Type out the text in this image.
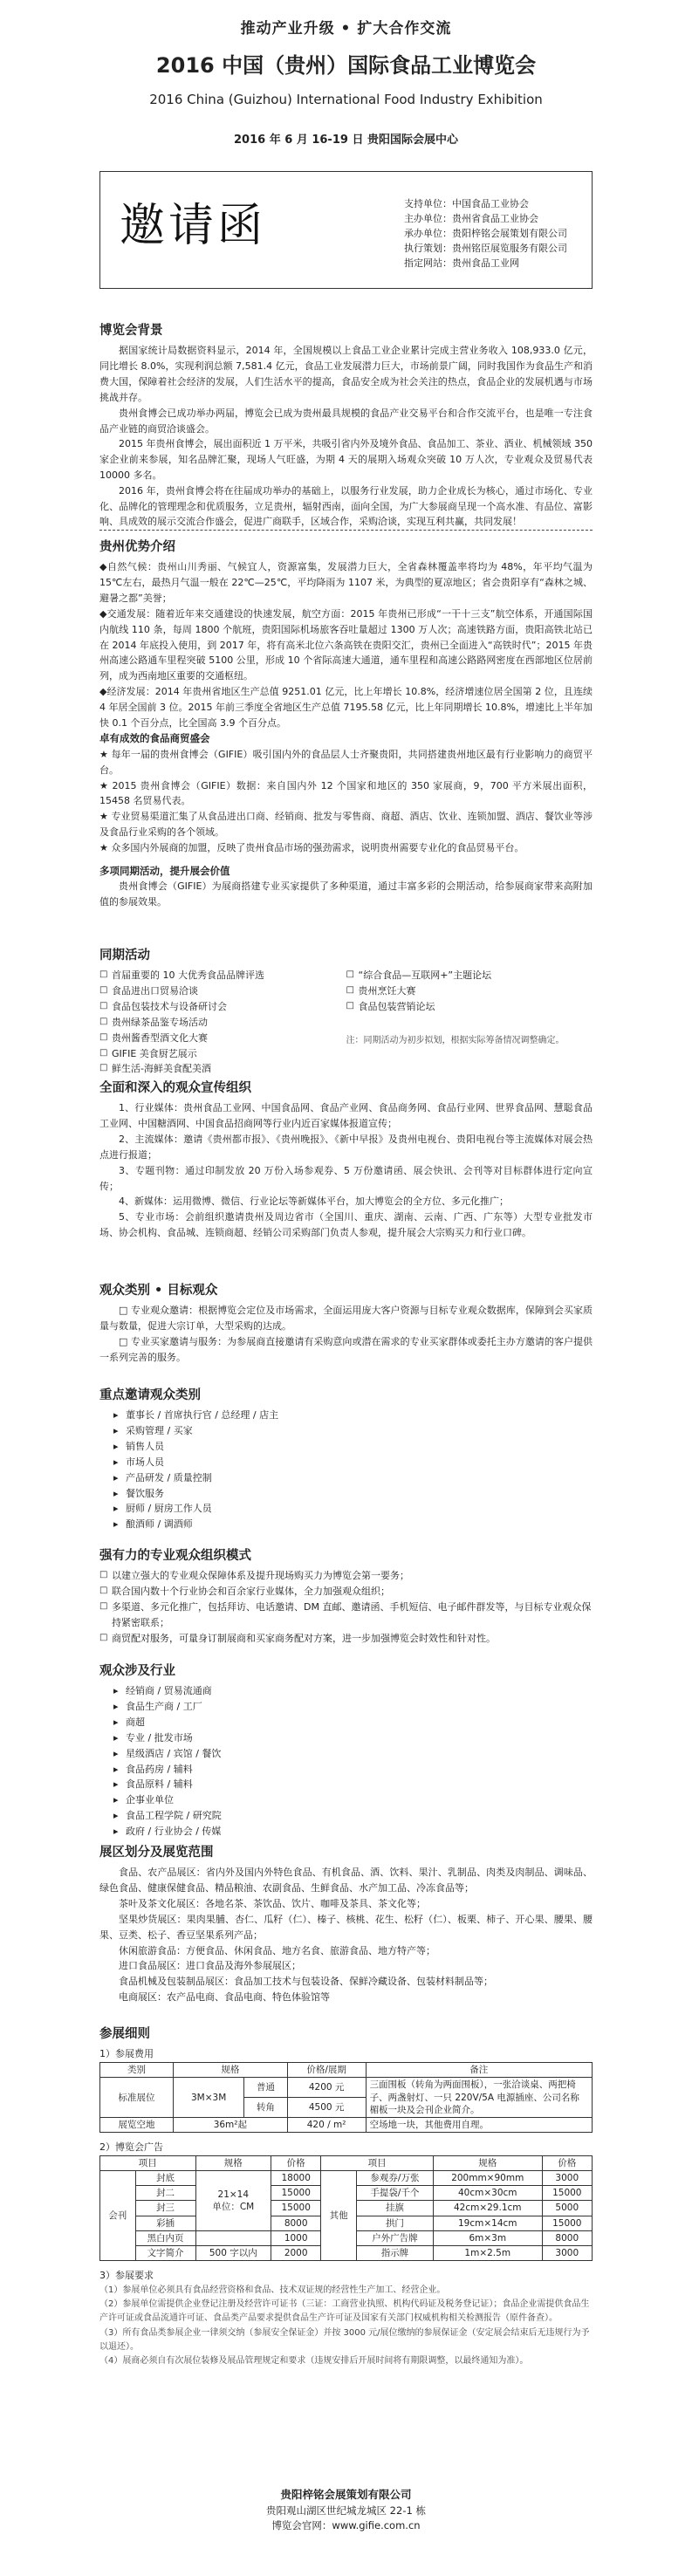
推动产业升级 • 扩大合作交流
2016 中国（贵州）国际食品工业博览会
2016 China (Guizhou) International Food Industry Exhibition
2016 年 6 月 16-19 日 贵阳国际会展中心
邀请函	支持单位：中国食品工业协会
主办单位：贵州省食品工业协会
承办单位：贵阳梓铭会展策划有限公司
执行策划：贵州铭臣展览服务有限公司
指定网站：贵州食品工业网
博览会背景
据国家统计局数据资料显示，2014 年，全国规模以上食品工业企业累计完成主营业务收入 108,933.0 亿元，同比增长 8.0%，实现利润总额 7,581.4 亿元，食品工业发展潜力巨大，市场前景广阔，同时我国作为食品生产和消费大国，保障着社会经济的发展，人们生活水平的提高，食品安全成为社会关注的热点，食品企业的发展机遇与市场挑战并存。
贵州食博会已成功举办两届，博览会已成为贵州最具规模的食品产业交易平台和合作交流平台，也是唯一专注食品产业链的商贸洽谈盛会。
2015 年贵州食博会，展出面积近 1 万平米，共吸引省内外及境外食品、食品加工、茶业、酒业、机械领域 350 家企业前来参展，知名品牌汇聚，现场人气旺盛，为期 4 天的展期入场观众突破 10 万人次，专业观众及贸易代表 10000 多名。
2016 年，贵州食博会将在往届成功举办的基础上，以服务行业发展，助力企业成长为核心，通过市场化、专业化、品牌化的管理理念和优质服务，立足贵州，辐射西南，面向全国，为广大参展商呈现一个高水准、有品位、富影响、具成效的展示交流合作盛会，促进广商联手，区域合作，采购洽谈，实现互利共赢，共同发展！
贵州优势介绍
◆自然气候：贵州山川秀丽、气候宜人，资源富集，发展潜力巨大，全省森林覆盖率将均为 48%，年平均气温为 15℃左右，最热月气温一般在 22℃—25℃，平均降雨为 1107 米，为典型的夏凉地区；省会贵阳享有“森林之城、避暑之都”美誉；
◆交通发展：随着近年来交通建设的快速发展，航空方面：2015 年贵州已形成“一干十三支”航空体系，开通国际国内航线 110 条，每周 1800 个航班，贵阳国际机场旅客吞吐量超过 1300 万人次；高速铁路方面，贵阳高铁北站已在 2014 年底投入使用，到 2017 年，将有高米北位六条高铁在贵阳交汇，贵州已全面进入“高铁时代”；2015 年贵州高速公路通车里程突破 5100 公里，形成 10 个省际高速大通道，通车里程和高速公路路网密度在西部地区位居前列，成为西南地区重要的交通枢纽。
◆经济发展：2014 年贵州省地区生产总值 9251.01 亿元，比上年增长 10.8%，经济增速位居全国第 2 位，且连续 4 年居全国前 3 位。2015 年前三季度全省地区生产总值 7195.58 亿元，比上年同期增长 10.8%，增速比上半年加快 0.1 个百分点，比全国高 3.9 个百分点。
卓有成效的食品商贸盛会
★ 每年一届的贵州食博会（GIFIE）吸引国内外的食品层人士齐聚贵阳，共同搭建贵州地区最有行业影响力的商贸平台。
★ 2015 贵州食博会（GIFIE）数据：来自国内外 12 个国家和地区的 350 家展商，9，700 平方米展出面积，15458 名贸易代表。
★ 专业贸易渠道汇集了从食品进出口商、经销商、批发与零售商、商超、酒店、饮业、连锁加盟、酒店、餐饮业等涉及食品行业采购的各个领域。
★ 众多国内外展商的加盟，反映了贵州食品市场的强劲需求，说明贵州需要专业化的食品贸易平台。
多项同期活动，提升展会价值
贵州食博会（GIFIE）为展商搭建专业买家提供了多种渠道，通过丰富多彩的会期活动，给参展商家带来高附加值的参展效果。
同期活动
□ 首届重要的 10 大优秀食品品牌评选
□ 食品进出口贸易洽谈
□ 食品包装技术与设备研讨会
□ 贵州绿茶品鉴专场活动
□ 贵州酱香型酒文化大赛
□ GIFIE 美食厨艺展示
□ 鲜生活-海鲜美食配美酒
□ “综合食品—互联网+”主题论坛
□ 贵州烹饪大赛
□ 食品包装营销论坛
注：同期活动为初步拟划，根据实际筹备情况调整确定。
全面和深入的观众宣传组织
1、行业媒体：贵州食品工业网、中国食品网、食品产业网、食品商务网、食品行业网、世界食品网、慧聪食品工业网、中国糖酒网、中国食品招商网等行业内近百家媒体报道宣传；
2、主流媒体：邀请《贵州都市报》、《贵州晚报》、《新中早报》及贵州电视台、贵阳电视台等主流媒体对展会热点进行报道；
3、专题刊物：通过印制发放 20 万份入场参观券、5 万份邀请函、展会快讯、会刊等对目标群体进行定向宣传；
4、新媒体：运用微博、微信、行业论坛等新媒体平台，加大博览会的全方位、多元化推广；
5、专业市场：会前组织邀请贵州及周边省市（全国川、重庆、湖南、云南、广西、广东等）大型专业批发市场、协会机构、食品城、连锁商超、经销公司采购部门负责人参观，提升展会大宗购买力和行业口碑。
观众类别 • 目标观众
□ 专业观众邀请：根据博览会定位及市场需求，全面运用庞大客户资源与目标专业观众数据库，保障到会买家质量与数量，促进大宗订单，大型采购的达成。
□ 专业买家邀请与服务：为参展商直接邀请有采购意向或潜在需求的专业买家群体或委托主办方邀请的客户提供一系列完善的服务。
重点邀请观众类别
▸ 董事长 / 首席执行官 / 总经理 / 店主
▸ 采购管理 / 买家
▸ 销售人员
▸ 市场人员
▸ 产品研发 / 质量控制
▸ 餐饮服务
▸ 厨师 / 厨房工作人员
▸ 酿酒师 / 调酒师
强有力的专业观众组织模式
□ 以建立强大的专业观众保障体系及提升现场购买力为博览会第一要务；
□ 联合国内数十个行业协会和百余家行业媒体，全力加强观众组织；
□ 多渠道、多元化推广，包括拜访、电话邀请、DM 直邮、邀请函、手机短信、电子邮件群发等，与目标专业观众保持紧密联系；
□ 商贸配对服务，可量身订制展商和买家商务配对方案，进一步加强博览会时效性和针对性。
观众涉及行业
▸ 经销商 / 贸易流通商
▸ 食品生产商 / 工厂
▸ 商超
▸ 专业 / 批发市场
▸ 星级酒店 / 宾馆 / 餐饮
▸ 食品药房 / 辅料
▸ 食品原料 / 辅料
▸ 企事业单位
▸ 食品工程学院 / 研究院
▸ 政府 / 行业协会 / 传媒
展区划分及展览范围
食品、农产品展区：省内外及国内外特色食品、有机食品、酒、饮料、果汁、乳制品、肉类及肉制品、调味品、绿色食品、健康保健食品、精品粮油、农副食品、生鲜食品、水产加工品、冷冻食品等；
茶叶及茶文化展区：各地名茶、茶饮品、饮片、咖啡及茶具、茶文化等；
坚果炒货展区：果肉果脯、杏仁、瓜籽（仁）、榛子、核桃、花生、松籽（仁）、板栗、柿子、开心果、腰果、腰果、豆类、松子、香豆坚果系列产品；
休闲旅游食品：方便食品、休闲食品、地方名食、旅游食品、地方特产等；
进口食品展区：进口食品及海外参展展区；
食品机械及包装制品展区：食品加工技术与包装设备、保鲜冷藏设备、包装材料制品等；
电商展区：农产品电商、食品电商、特色体验馆等
参展细则
1）参展费用
类别	规格		价格/展期	备注
标准展位	3M×3M	普通	4200 元	三面围板（转角为两面围板），一张洽谈桌、两把椅子、两盏射灯、一只 220V/5A 电源插座、公司名称楣板一块及会刊企业简介。
		转角	4500 元	
展览空地	36m²起		420 / m²	空场地一块，其他费用自理。
2）博览会广告
项目		规格	价格	项目		规格	价格
会刊	封底	21×14
单位：CM	18000	其他	参观券/万张	200mm×90mm	3000
	封二		15000		手提袋/千个	40cm×30cm	15000
	封三		15000		挂旗	42cm×29.1cm	5000
	彩插		8000		拱门	19cm×14cm	15000
	黑白内页		1000		户外广告牌	6m×3m	8000
	文字简介	500 字以内	2000		指示牌	1m×2.5m	3000
3）参展要求
（1）参展单位必须具有食品经营资格和食品、技术双证规的经营性生产加工、经营企业。
（2）参展单位需提供企业登记注册及经营许可证书（三证：工商营业执照、机构代码证及税务登记证）；食品企业需提供食品生产许可证或食品流通许可证、食品类产品要求提供食品生产许可证及国家有关部门权威机构相关检测报告（原件备查）。
（3）所有食品类参展企业一律须交纳（参展安全保证金）并按 3000 元/展位缴纳的参展保证金（安定展会结束后无违规行为予以退还）。
（4）展商必须自有次展位装修及展品管理规定和要求（违规安排后开展时间将有期限调整，以最终通知为准）。
贵阳梓铭会展策划有限公司
贵阳观山湖区世纪城龙城区 22-1 栋
博览会官网：www.gifie.com.cn
